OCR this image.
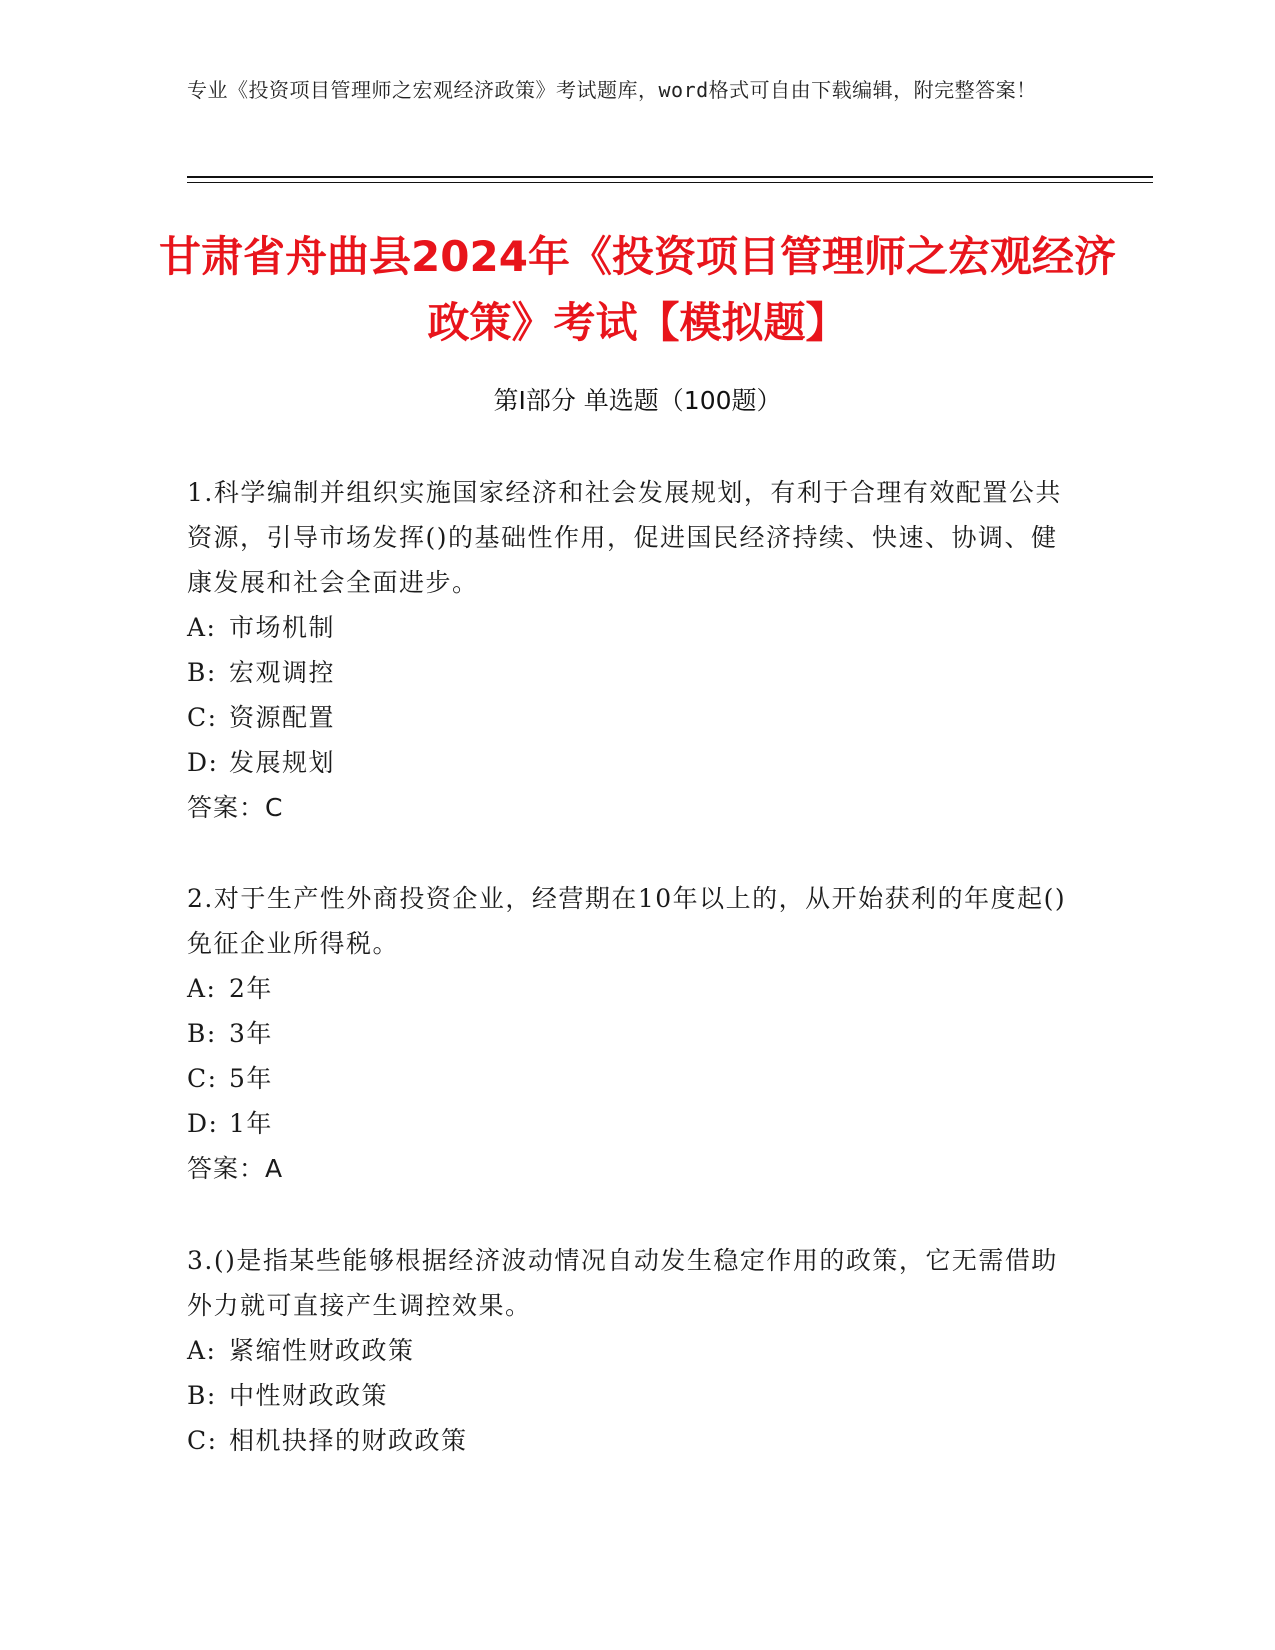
专业《投资项目管理师之宏观经济政策》考试题库，word格式可自由下载编辑，附完整答案！
甘肃省舟曲县2024年《投资项目管理师之宏观经济政策》考试【模拟题】
第I部分 单选题（100题）

1.科学编制并组织实施国家经济和社会发展规划，有利于合理有效配置公共资源，引导市场发挥()的基础性作用，促进国民经济持续、快速、协调、健康发展和社会全面进步。

A: 市场机制

B: 宏观调控

C: 资源配置

D: 发展规划

答案：C

2.对于生产性外商投资企业，经营期在10年以上的，从开始获利的年度起()免征企业所得税。

A: 2年

B: 3年

C: 5年

D: 1年

答案：A

3.()是指某些能够根据经济波动情况自动发生稳定作用的政策，它无需借助外力就可直接产生调控效果。

A: 紧缩性财政政策

B: 中性财政政策

C: 相机抉择的财政政策
